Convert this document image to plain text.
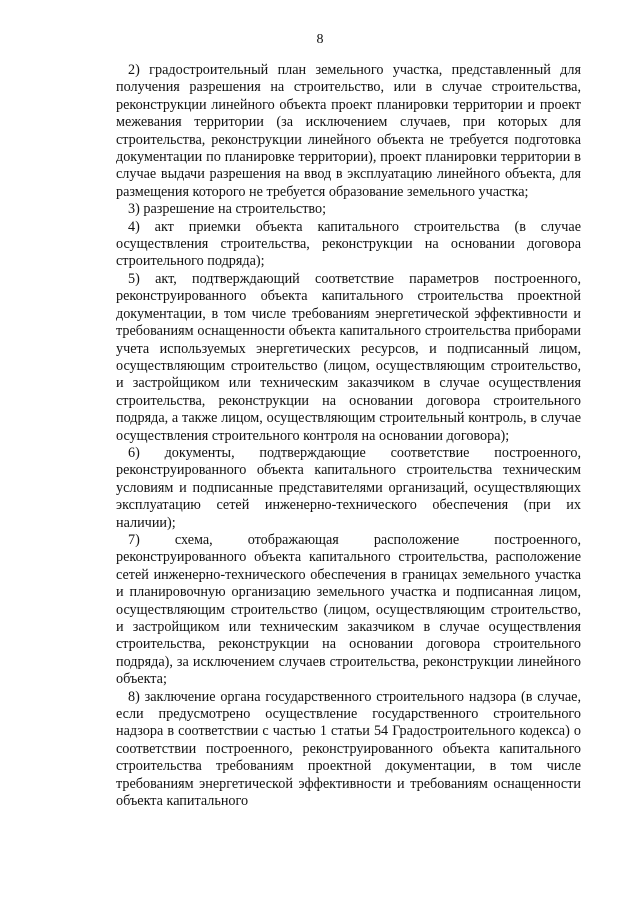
8

2) градостроительный план земельного участка, представленный для получения разрешения на строительство, или в случае строительства, реконструкции линейного объекта проект планировки территории и проект межевания территории (за исключением случаев, при которых для строительства, реконструкции линейного объекта не требуется подготовка документации по планировке территории), проект планировки территории в случае выдачи разрешения на ввод в эксплуатацию линейного объекта, для размещения которого не требуется образование земельного участка;

3) разрешение на строительство;

4) акт приемки объекта капитального строительства (в случае осуществления строительства, реконструкции на основании договора строительного подряда);

5) акт, подтверждающий соответствие параметров построенного, реконструированного объекта капитального строительства проектной документации, в том числе требованиям энергетической эффективности и требованиям оснащенности объекта капитального строительства приборами учета используемых энергетических ресурсов, и подписанный лицом, осуществляющим строительство (лицом, осуществляющим строительство, и застройщиком или техническим заказчиком в случае осуществления строительства, реконструкции на основании договора строительного подряда, а также лицом, осуществляющим строительный контроль, в случае осуществления строительного контроля на основании договора);

6) документы, подтверждающие соответствие построенного, реконструированного объекта капитального строительства техническим условиям и подписанные представителями организаций, осуществляющих эксплуатацию сетей инженерно-технического обеспечения (при их наличии);

7) схема, отображающая расположение построенного, реконструированного объекта капитального строительства, расположение сетей инженерно-технического обеспечения в границах земельного участка и планировочную организацию земельного участка и подписанная лицом, осуществляющим строительство (лицом, осуществляющим строительство, и застройщиком или техническим заказчиком в случае осуществления строительства, реконструкции на основании договора строительного подряда), за исключением случаев строительства, реконструкции линейного объекта;

8) заключение органа государственного строительного надзора (в случае, если предусмотрено осуществление государственного строительного надзора в соответствии с частью 1 статьи 54 Градостроительного кодекса) о соответствии построенного, реконструированного объекта капитального строительства требованиям проектной документации, в том числе требованиям энергетической эффективности и требованиям оснащенности объекта капитального
